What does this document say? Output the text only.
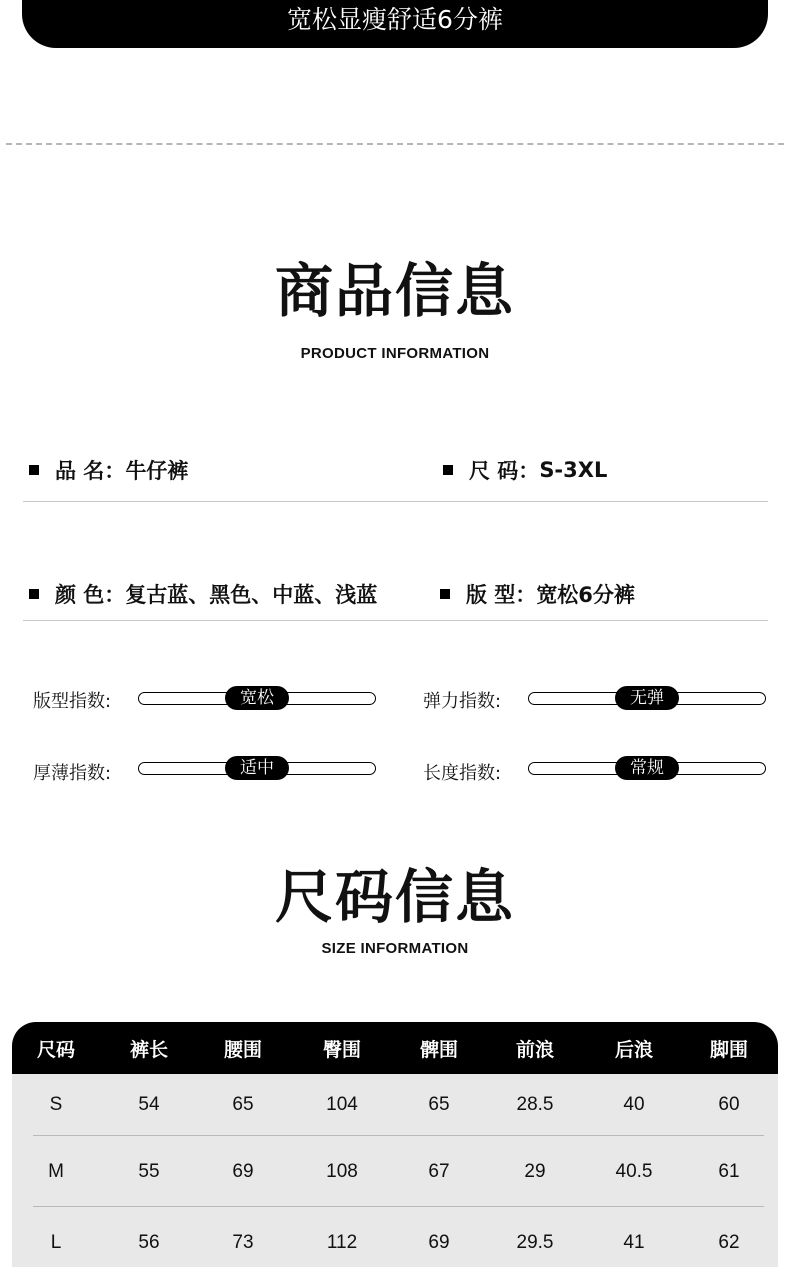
宽松显瘦舒适6分裤
商品信息
PRODUCT INFORMATION
品 名： 牛仔裤	尺 码： S-3XL
颜 色： 复古蓝、黑色、中蓝、浅蓝	版 型： 宽松6分裤
版型指数:	宽松	弹力指数:	无弹
厚薄指数:	适中	长度指数:	常规
尺码信息
SIZE INFORMATION
尺码	裤长	腰围	臀围	髀围	前浪	后浪	脚围
S	54	65	104	65	28.5	40	60
M	55	69	108	67	29	40.5	61
L	56	73	112	69	29.5	41	62
